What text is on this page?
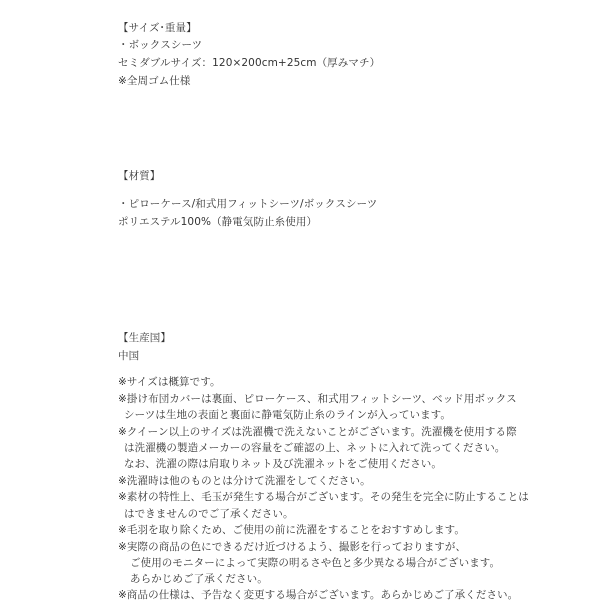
【サイズ･重量】
・ボックスシーツ
セミダブルサイズ：120×200cm+25cm（厚みマチ）
※全周ゴム仕様
【材質】
・ピローケース/和式用フィットシーツ/ボックスシーツ
ポリエステル100%（静電気防止糸使用）
【生産国】
中国
※サイズは概算です。
※掛け布団カバーは裏面、ピローケース、和式用フィットシーツ、ベッド用ボックス
シーツは生地の表面と裏面に静電気防止糸のラインが入っています。
※クイーン以上のサイズは洗濯機で洗えないことがございます。洗濯機を使用する際
は洗濯機の製造メーカーの容量をご確認の上、ネットに入れて洗ってください。
なお、洗濯の際は肩取りネット及び洗濯ネットをご使用ください。
※洗濯時は他のものとは分けて洗濯をしてください。
※素材の特性上、毛玉が発生する場合がございます。その発生を完全に防止することは
はできませんのでご了承ください。
※毛羽を取り除くため、ご使用の前に洗濯をすることをおすすめします。
※実際の商品の色にできるだけ近づけるよう、撮影を行っておりますが、
ご使用のモニターによって実際の明るさや色と多少異なる場合がございます。
あらかじめご了承ください。
※商品の仕様は、予告なく変更する場合がございます。あらかじめご了承ください。
